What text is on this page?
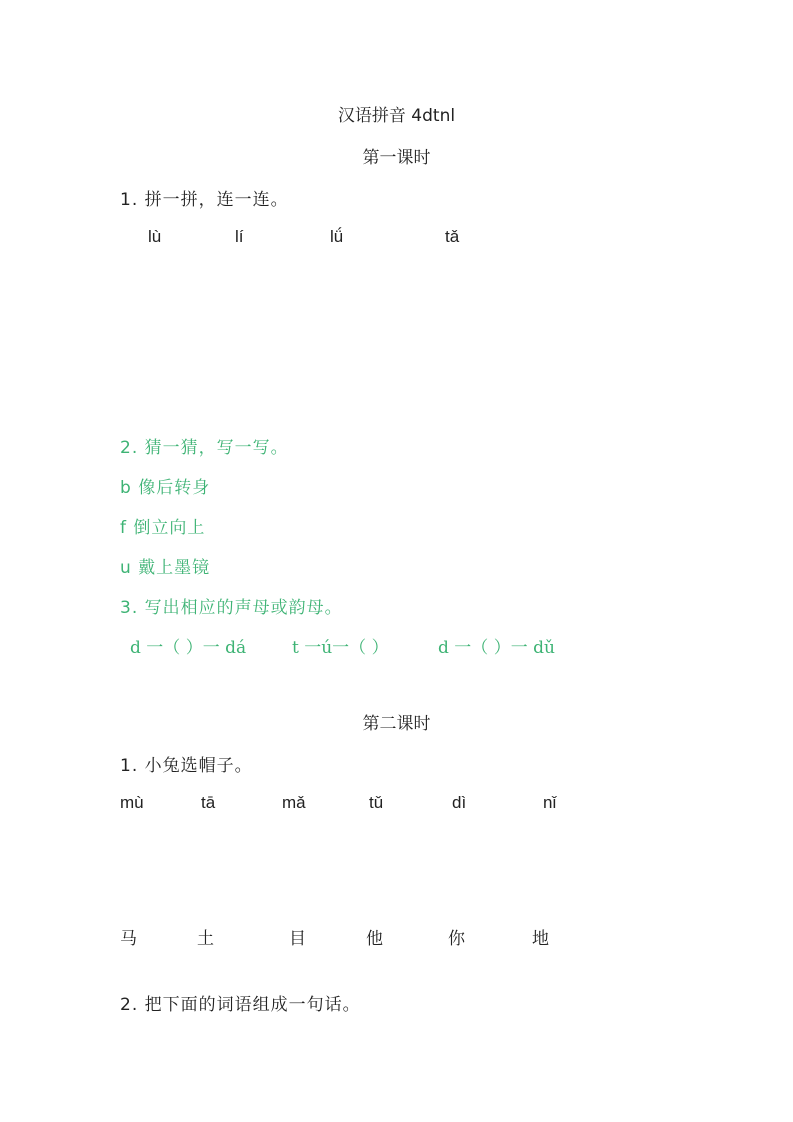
汉语拼音 4dtnl
第一课时
1. 拼一拼，连一连。
lù	lí	lǘ	tǎ
2. 猜一猜，写一写。
b 像后转身
f 倒立向上
u 戴上墨镜
3. 写出相应的声母或韵母。
d 一（ ）一 dá	t 一ú一（ ）	d 一（ ）一 dǔ
第二课时
1. 小兔选帽子。
mù	tā	mǎ	tǔ	dì	nǐ
马	土	目	他	你	地
2. 把下面的词语组成一句话。
